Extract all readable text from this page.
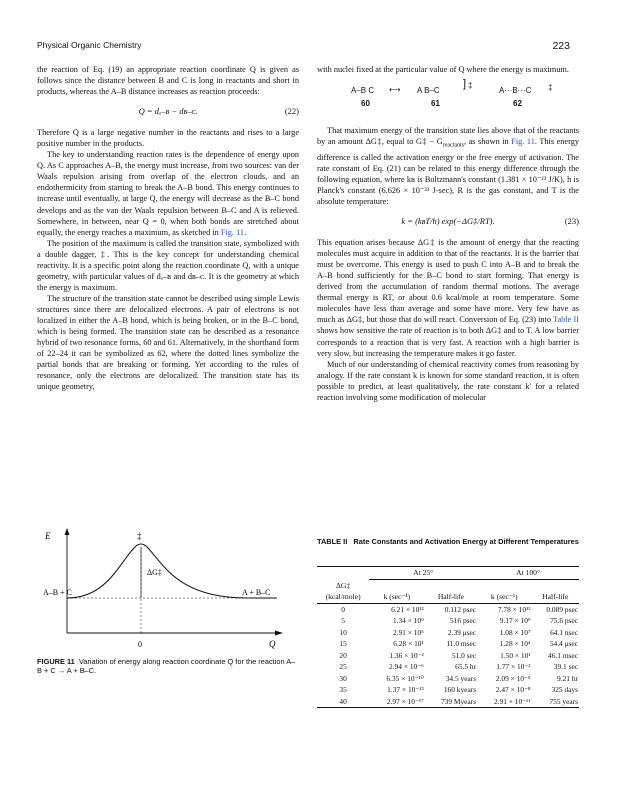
Physical Organic Chemistry	223

the reaction of Eq. (19) an appropriate reaction coordinate Q is given as follows since the distance between B and C is long in reactants and short in products, whereas the A–B distance increases as reaction proceeds:

Q = dₐ–ʙ − dʙ–ᴄ.	(22)

Therefore Q is a large negative number in the reactants and rises to a large positive number in the products.

The key to understanding reaction rates is the dependence of energy upon Q. As C approaches A–B, the energy must increase, from two sources: van der Waals repulsion arising from overlap of the electron clouds, and an endothermicity from starting to break the A–B bond. This energy continues to increase until eventually, at large Q, the energy will decrease as the B–C bond develops and as the van der Waals repulsion between B–C and A is relieved. Somewhere, in between, near Q = 0, when both bonds are stretched about equally, the energy reaches a maximum, as sketched in Fig. 11.

The position of the maximum is called the transition state, symbolized with a double dagger, ‡. This is the key concept for understanding chemical reactivity. It is a specific point along the reaction coordinate Q, with a unique geometry, with particular values of dₐ–ʙ and dʙ–ᴄ. It is the geometry at which the energy is maximum.

The structure of the transition state cannot be described using simple Lewis structures since there are delocalized electrons. A pair of electrons is not localized in either the A–B bond, which is being broken, or in the B–C bond, which is being formed. The transition state can be described as a resonance hybrid of two resonance forms, 60 and 61. Alternatively, in the shorthand form of 22–24 it can be symbolized as 62, where the dotted lines symbolize the partial bonds that are breaking or forming. Yet according to the rules of resonance, only the electrons are delocalized. The transition state has its unique geometry,

with nuclei fixed at the particular value of Q where the energy is maximum.

A–B C ⟷ A B–C
] ‡
A···B···C ‡
60	61	62

That maximum energy of the transition state lies above that of the reactants by an amount ΔG‡, equal to G‡ − $G_{reactants}$, as shown in Fig. 11. This energy difference is called the activation energy or the free energy of activation. The rate constant of Eq. (21) can be related to this energy difference through the following equation, where kʙ is Boltzmann's constant (1.381 × 10⁻²³ J/K), h is Planck's constant (6.626 × 10⁻³³ J-sec), R is the gas constant, and T is the absolute temperature:

k = (kʙT/h) exp(−ΔG‡/RT).	(23)

This equation arises because ΔG‡ is the amount of energy that the reacting molecules must acquire in addition to that of the reactants. It is the barrier that must be overcome. This energy is used to push C into A–B and to break the A–B bond sufficiently for the B–C bond to start forming. That energy is derived from the accumulation of random thermal motions. The average thermal energy is RT, or about 0.6 kcal/mole at room temperature. Some molecules have less than average and some have more. Very few have as much as ΔG‡, but those that do will react. Conversion of Eq. (23) into Table II shows how sensitive the rate of reaction is to both ΔG‡ and to T. A low barrier corresponds to a reaction that is very fast. A reaction with a high barrier is very slow, but increasing the temperature makes it go faster.

Much of our understanding of chemical reactivity comes from reasoning by analogy. If the rate constant k is known for some standard reaction, it is often possible to predict, at least qualitatively, the rate constant k′ for a related reaction involving some modification of molecular

E	‡
ΔG‡
A–B + C	A + B–C
0	Q
FIGURE 11 Variation of energy along reaction coordinate Q for the reaction A–B + C → A + B–C.
TABLE II Rate Constants and Activation Energy at Different Temperatures
	At 25°		At 100°	
ΔG‡				
(kcal/mole)	k (sec⁻¹)	Half-life	k (sec⁻¹)	Half-life
0	6.21 × 10¹²	0.112 psec	7.78 × 10¹²	0.089 psec
5	1.34 × 10⁹	516 psec	9.17 × 10⁹	75.6 psec
10	2.91 × 10⁵	2.39 μsec	1.08 × 10⁷	64.1 nsec
15	6.28 × 10¹	11.0 msec	1.28 × 10⁴	54.4 μsec
20	1.36 × 10⁻²	51.0 sec	1.50 × 10¹	46.1 msec
25	2.94 × 10⁻⁶	65.5 hr	1.77 × 10⁻²	39.1 sec
30	6.35 × 10⁻¹⁰	34.5 years	2.09 × 10⁻⁵	9.21 hr
35	1.37 × 10⁻¹³	160 kyears	2.47 × 10⁻⁸	325 days
40	2.97 × 10⁻¹⁷	739 Myears	2.91 × 10⁻¹¹	755 years
